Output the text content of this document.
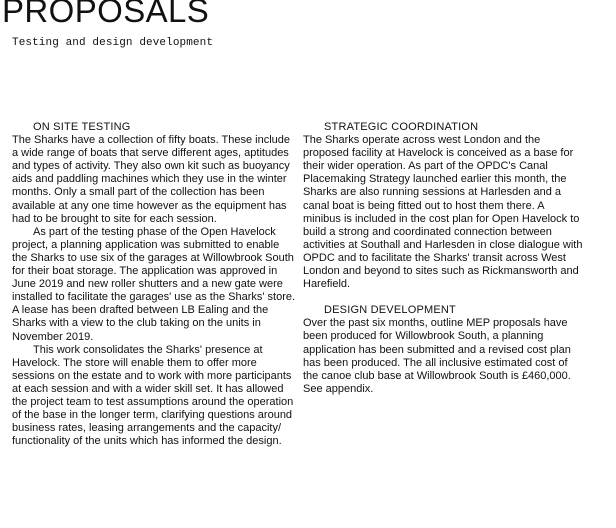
PROPOSALS

Testing and design development

ON SITE TESTING

The Sharks have a collection of fifty boats. These include a wide range of boats that serve different ages, aptitudes and types of activity. They also own kit such as buoyancy aids and paddling machines which they use in the winter months. Only a small part of the collection has been available at any one time however as the equipment has had to be brought to site for each session.

As part of the testing phase of the Open Havelock project, a planning application was submitted to enable the Sharks to use six of the garages at Willowbrook South for their boat storage. The application was approved in June 2019 and new roller shutters and a new gate were installed to facilitate the garages' use as the Sharks' store. A lease has been drafted between LB Ealing and the Sharks with a view to the club taking on the units in November 2019.

This work consolidates the Sharks' presence at Havelock. The store will enable them to offer more sessions on the estate and to work with more participants at each session and with a wider skill set. It has allowed the project team to test assumptions around the operation of the base in the longer term, clarifying questions around business rates, leasing arrangements and the capacity/ functionality of the units which has informed the design.

STRATEGIC COORDINATION

The Sharks operate across west London and the proposed facility at Havelock is conceived as a base for their wider operation. As part of the OPDC's Canal Placemaking Strategy launched earlier this month, the Sharks are also running sessions at Harlesden and a canal boat is being fitted out to host them there. A minibus is included in the cost plan for Open Havelock to build a strong and coordinated connection between activities at Southall and Harlesden in close dialogue with OPDC and to facilitate the Sharks' transit across West London and beyond to sites such as Rickmansworth and Harefield.

DESIGN DEVELOPMENT

Over the past six months, outline MEP proposals have been produced for Willowbrook South, a planning application has been submitted and a revised cost plan has been produced. The all inclusive estimated cost of the canoe club base at Willowbrook South is £460,000. See appendix.
